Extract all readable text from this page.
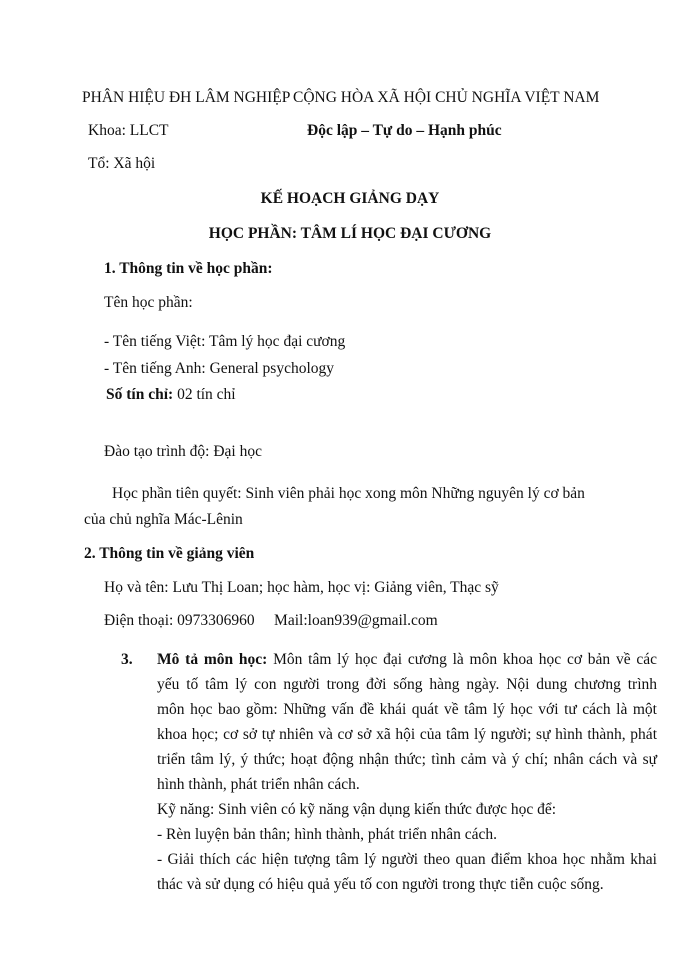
PHÂN HIỆU ĐH LÂM NGHIỆP CỘNG HÒA XÃ HỘI CHỦ NGHĨA VIỆT NAM
Khoa: LLCT	Độc lập – Tự do – Hạnh phúc
Tổ: Xã hội
KẾ HOẠCH GIẢNG DẠY
HỌC PHẦN: TÂM LÍ HỌC ĐẠI CƯƠNG
1. Thông tin về học phần:
Tên học phần:
- Tên tiếng Việt: Tâm lý học đại cương
- Tên tiếng Anh: General psychology
Số tín chỉ: 02 tín chỉ
Đào tạo trình độ: Đại học
Học phần tiên quyết: Sinh viên phải học xong môn Những nguyên lý cơ bản
của chủ nghĩa Mác-Lênin
2. Thông tin về giảng viên
Họ và tên: Lưu Thị Loan; học hàm, học vị: Giảng viên, Thạc sỹ
Điện thoại: 0973306960     Mail:loan939@gmail.com
3. Mô tả môn học: Môn tâm lý học đại cương là môn khoa học cơ bản về các
yếu tố tâm lý con người trong đời sống hàng ngày. Nội dung chương trình
môn học bao gồm: Những vấn đề khái quát về tâm lý học với tư cách là một
khoa học; cơ sở tự nhiên và cơ sở xã hội của tâm lý người; sự hình thành, phát
triển tâm lý, ý thức; hoạt động nhận thức; tình cảm và ý chí; nhân cách và sự
hình thành, phát triển nhân cách.
Kỹ năng: Sinh viên có kỹ năng vận dụng kiến thức được học để:
- Rèn luyện bản thân; hình thành, phát triển nhân cách.
- Giải thích các hiện tượng tâm lý người theo quan điểm khoa học nhằm khai
thác và sử dụng có hiệu quả yếu tố con người trong thực tiễn cuộc sống.
